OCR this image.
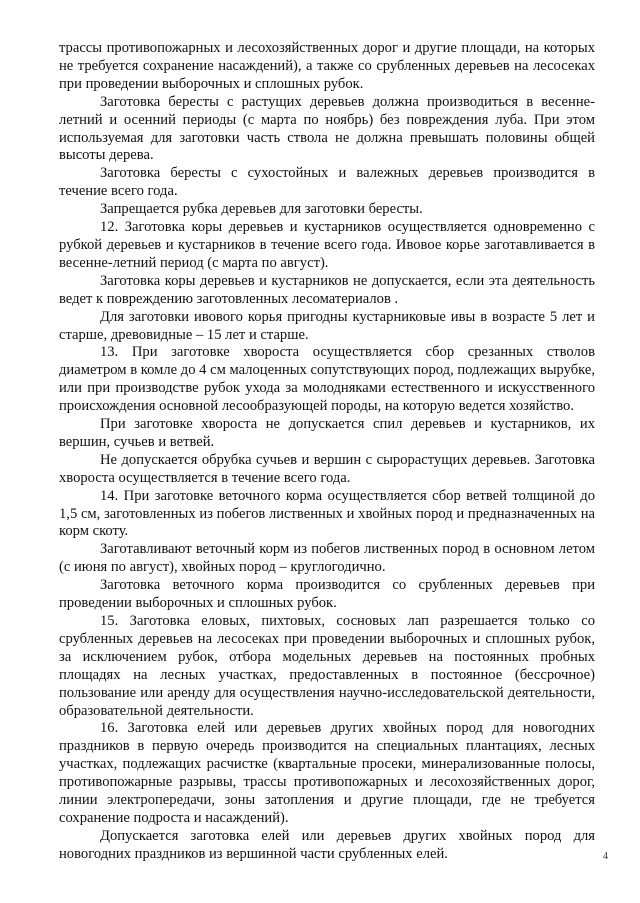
трассы противопожарных и лесохозяйственных дорог и другие площади, на которых не требуется сохранение насаждений), а также со срубленных деревьев на лесосеках при проведении выборочных и сплошных рубок.

Заготовка бересты с растущих деревьев должна производиться в весенне-летний и осенний периоды (с марта по ноябрь) без повреждения луба. При этом используемая для заготовки часть ствола не должна превышать половины общей высоты дерева.

Заготовка бересты с сухостойных и валежных деревьев производится в течение всего года.

Запрещается рубка деревьев для заготовки бересты.

12. Заготовка коры деревьев и кустарников осуществляется одновременно с рубкой деревьев и кустарников в течение всего года. Ивовое корье заготавливается в весенне-летний период (с марта по август).

Заготовка коры деревьев и кустарников не допускается, если эта деятельность ведет к повреждению заготовленных лесоматериалов .

Для заготовки ивового корья пригодны кустарниковые ивы в возрасте 5 лет и старше, древовидные – 15 лет и старше.

13. При заготовке хвороста осуществляется сбор срезанных стволов диаметром в комле до 4 см малоценных сопутствующих пород, подлежащих вырубке, или при производстве рубок ухода за молодняками естественного и искусственного происхождения основной лесообразующей породы, на которую ведется хозяйство.

При заготовке хвороста не допускается спил деревьев и кустарников, их вершин, сучьев и ветвей.

Не допускается обрубка сучьев и вершин с сырорастущих деревьев. Заготовка хвороста осуществляется в течение всего года.

14. При заготовке веточного корма осуществляется сбор ветвей толщиной до 1,5 см, заготовленных из побегов лиственных и хвойных пород и предназначенных на корм скоту.

Заготавливают веточный корм из побегов лиственных пород в основном летом (с июня по август), хвойных пород – круглогодично.

Заготовка веточного корма производится со срубленных деревьев при проведении выборочных и сплошных рубок.

15. Заготовка еловых, пихтовых, сосновых лап разрешается только со срубленных деревьев на лесосеках при проведении выборочных и сплошных рубок, за исключением рубок, отбора модельных деревьев на постоянных пробных площадях на лесных участках, предоставленных в постоянное (бессрочное) пользование или аренду для осуществления научно-исследовательской деятельности, образовательной деятельности.

16. Заготовка елей или деревьев других хвойных пород для новогодних праздников в первую очередь производится на специальных плантациях, лесных участках, подлежащих расчистке (квартальные просеки, минерализованные полосы, противопожарные разрывы, трассы противопожарных и лесохозяйственных дорог, линии электропередачи, зоны затопления и другие площади, где не требуется сохранение подроста и насаждений).

Допускается заготовка елей или деревьев других хвойных пород для новогодних праздников из вершинной части срубленных елей.	4
